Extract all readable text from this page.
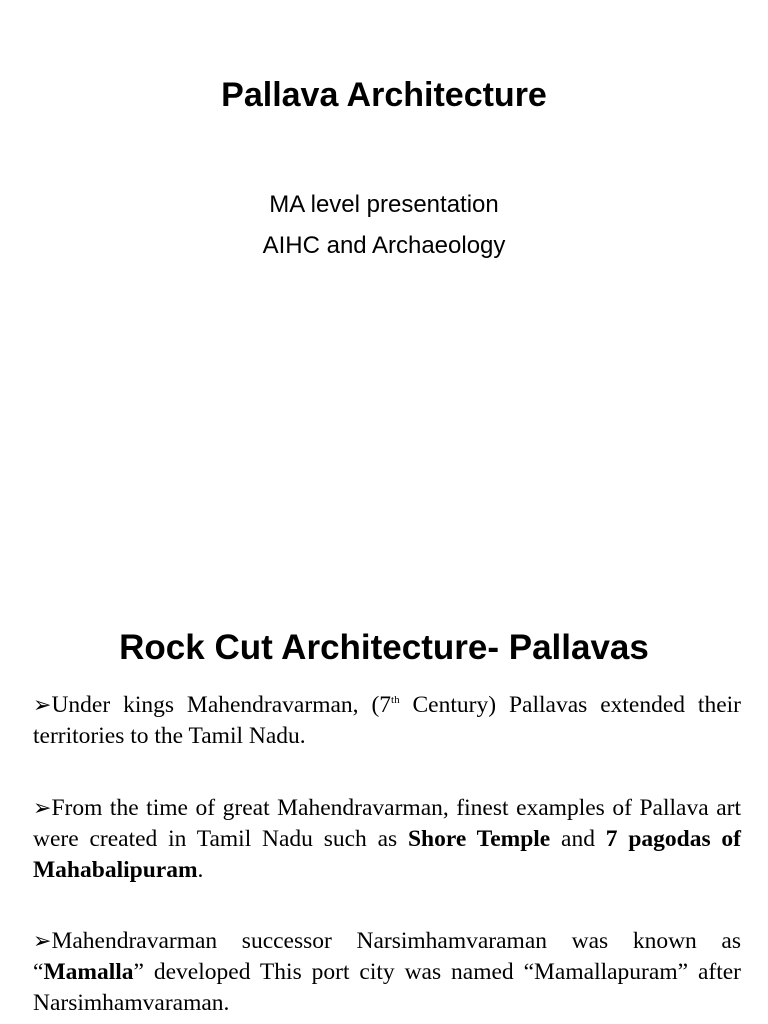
Pallava Architecture
MA level presentation
AIHC and Archaeology
Rock Cut Architecture- Pallavas

➢Under kings Mahendravarman, (7th Century) Pallavas extended their territories to the Tamil Nadu.

➢From the time of great Mahendravarman, finest examples of Pallava art were created in Tamil Nadu such as Shore Temple and 7 pagodas of Mahabalipuram.

➢Mahendravarman successor Narsimhamvaraman was known as “Mamalla” developed This port city was named “Mamallapuram” after Narsimhamvaraman.
